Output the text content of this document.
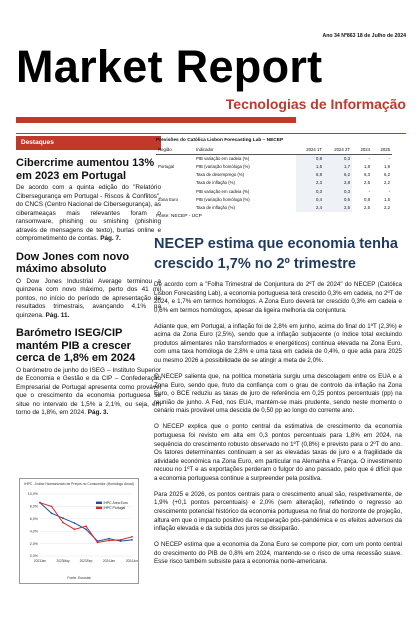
Ano 34 Nº863 18 de Julho de 2024
Market Report
Tecnologias de Informação
Destaques
Cibercrime aumentou 13% em 2023 em Portugal
De acordo com a quinta edição do "Relatório Cibersegurança em Portugal - Riscos & Conflitos", do CNCS (Centro Nacional de Cibersegurança), as ciberameaças mais relevantes foram o ransomware, phishing ou smishing (phishing através de mensagens de texto), burlas online e comprometimento de contas. Pág. 7.
Dow Jones com novo máximo absoluto
O Dow Jones Industrial Average terminou a quinzena com novo máximo, perto dos 41 mil pontos, no início do período de apresentação de resultados trimestrais, avançando 4,1% na quinzena. Pág. 11.
Barómetro ISEG/CIP mantém PIB a crescer cerca de 1,8% em 2024
O barómetro de junho do ISEG – Instituto Superior de Economia e Gestão e da CIP – Confederação Empresarial de Portugal apresenta como provável que o crescimento da economia portuguesa se situe no intervalo de 1,5% a 2,1%, ou seja, em torno de 1,8%, em 2024. Pág. 3.
IHPC - Índice Harmonizado de Preços no Consumidor (Homólogo Anual)
0,0%
2,0%
4,0%
6,0%
8,0%
10,0%
2023Jan	2023May	2023Sep	2024Jan	2024Jun
IHPC Área Euro
IHPC Portugal
Fonte: Eurostat
Previsões do Católica Lisbon Forecasting Lab – NECEP
Região	Indicador	2024 1T	2024 2T	2024	2025
	PIB variação em cadeia (%)	0,8	0,3	-	-
Portugal	PIB (variação homóloga (%)	1,5	1,7	1,8	1,9
	Taxa de desemprego (%)	6,8	6,2	6,3	6,2
	Taxa de inflação (%)	2,3	2,8	2,5	2,2
	PIB variação em cadeia (%)	0,3	0,3	-	-
Zona Euro	PIB (variação homóloga (%)	0,4	0,6	0,8	1,5
	Taxa de inflação (%)	2,4	2,5	2,5	2,2
Fonte: NECEP - UCP
NECEP estima que economia tenha crescido 1,7% no 2º trimestre

De acordo com a "Folha Trimestral de Conjuntura do 2ºT de 2024" do NECEP (Católica Lisbon Forecasting Lab), a economia portuguesa terá crescido 0,3% em cadeia, no 2ºT de 2024, e 1,7% em termos homólogos. A Zona Euro deverá ter crescido 0,3% em cadeia e 0,6% em termos homólogos, apesar da ligeira melhoria da conjuntura.

Adiante que, em Portugal, a inflação foi de 2,8% em junho, acima do final do 1ºT (2,3%) e acima da Zona Euro (2,5%), sendo que a inflação subjacente (o índice total excluindo produtos alimentares não transformados e energéticos) continua elevada na Zona Euro, com uma taxa homóloga de 2,8% e uma taxa em cadeia de 0,4%, o que adia para 2025 ou mesmo 2026 a possibilidade de se atingir a meta de 2,0%.

O NECEP salienta que, na política monetária surgiu uma descolagem entre os EUA e a Zona Euro, sendo que, fruto da confiança com o grau de controlo da inflação na Zona Euro, o BCE reduziu as taxas de juro de referência em 0,25 pontos percentuais (pp) na reunião de junho. A Fed, nos EUA, mantém-se mais prudente, sendo neste momento o cenário mais provável uma descida de 0,50 pp ao longo do corrente ano.

O NECEP explica que o ponto central da estimativa de crescimento da economia portuguesa foi revisto em alta em 0,3 pontos percentuais para 1,8% em 2024, na sequência do crescimento robusto observado no 1ºT (0,8%) e previsto para o 2ºT do ano. Os fatores determinantes continuam a ser as elevadas taxas de juro e a fragilidade da atividade económica na Zona Euro, em particular na Alemanha e França. O investimento recuou no 1ºT e as exportações perderam o fulgor do ano passado, pelo que é difícil que a economia portuguesa continue a surpreender pela positiva.

Para 2025 e 2026, os pontos centrais para o crescimento anual são, respetivamente, de 1,9% (+0,1 pontos percentuais) e 2,0% (sem alteração), refletindo o regresso ao crescimento potencial histórico da economia portuguesa no final do horizonte de projeção, altura em que o impacto positivo da recuperação pós-pandémica e os efeitos adversos da inflação elevada e da subida dos juros se dissiparão.

O NECEP estima que a economia da Zona Euro se comporte pior, com um ponto central do crescimento do PIB de 0,8% em 2024, mantendo-se o risco de uma recessão suave. Esse risco também subsiste para a economia norte-americana.
